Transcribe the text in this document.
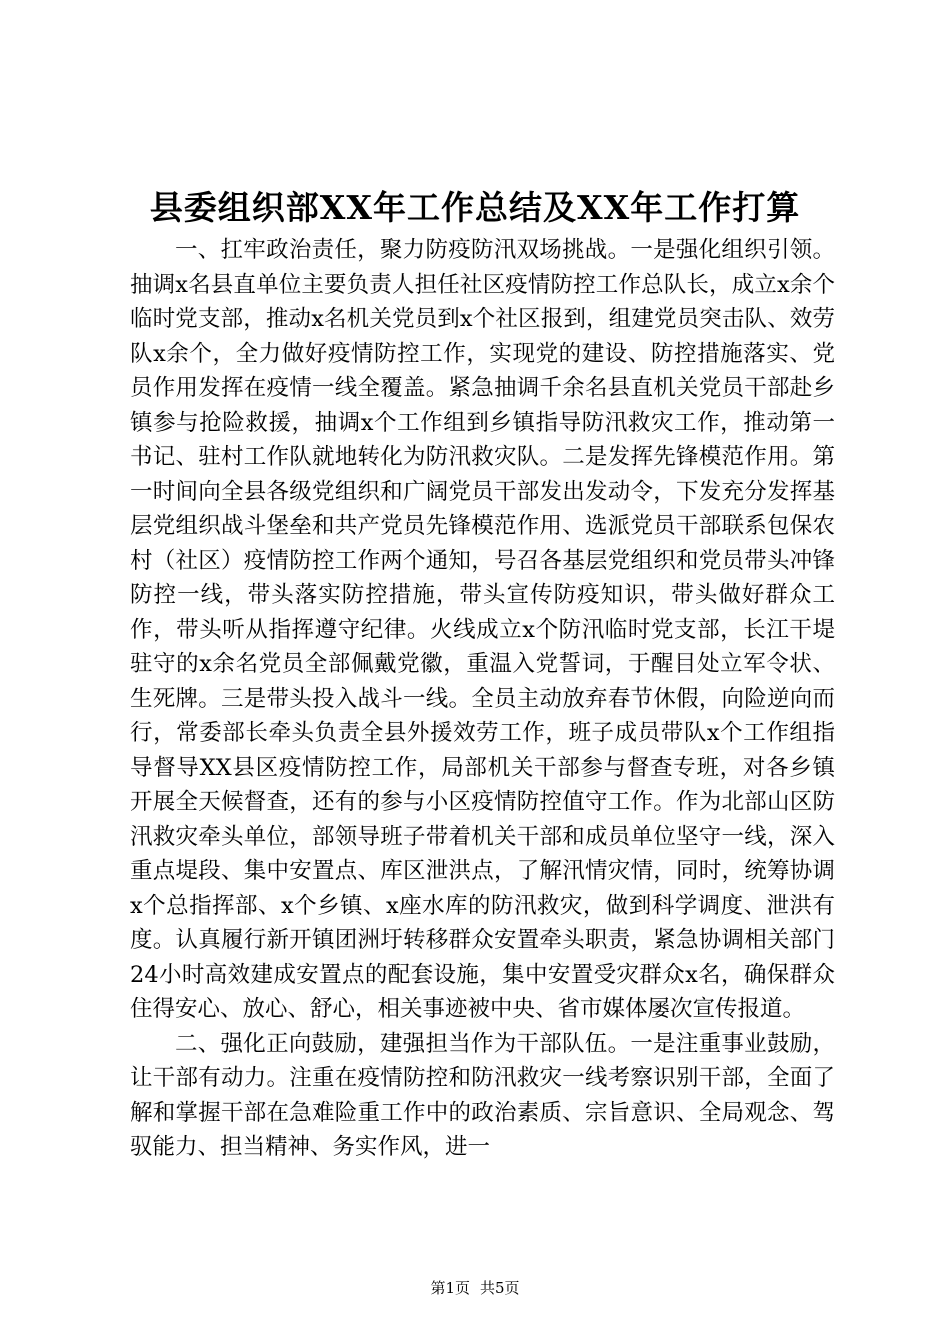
县委组织部XX年工作总结及XX年工作打算

一、扛牢政治责任，聚力防疫防汛双场挑战。一是强化组织引领。抽调x名县直单位主要负责人担任社区疫情防控工作总队长，成立x余个临时党支部，推动x名机关党员到x个社区报到，组建党员突击队、效劳队x余个，全力做好疫情防控工作，实现党的建设、防控措施落实、党员作用发挥在疫情一线全覆盖。紧急抽调千余名县直机关党员干部赴乡镇参与抢险救援，抽调x个工作组到乡镇指导防汛救灾工作，推动第一书记、驻村工作队就地转化为防汛救灾队。二是发挥先锋模范作用。第一时间向全县各级党组织和广阔党员干部发出发动令，下发充分发挥基层党组织战斗堡垒和共产党员先锋模范作用、选派党员干部联系包保农村（社区）疫情防控工作两个通知，号召各基层党组织和党员带头冲锋防控一线，带头落实防控措施，带头宣传防疫知识，带头做好群众工作，带头听从指挥遵守纪律。火线成立x个防汛临时党支部，长江干堤驻守的x余名党员全部佩戴党徽，重温入党誓词，于醒目处立军令状、生死牌。三是带头投入战斗一线。全员主动放弃春节休假，向险逆向而行，常委部长牵头负责全县外援效劳工作，班子成员带队x个工作组指导督导XX县区疫情防控工作，局部机关干部参与督查专班，对各乡镇开展全天候督查，还有的参与小区疫情防控值守工作。作为北部山区防汛救灾牵头单位，部领导班子带着机关干部和成员单位坚守一线，深入重点堤段、集中安置点、库区泄洪点，了解汛情灾情，同时，统筹协调x个总指挥部、x个乡镇、x座水库的防汛救灾，做到科学调度、泄洪有度。认真履行新开镇团洲圩转移群众安置牵头职责，紧急协调相关部门24小时高效建成安置点的配套设施，集中安置受灾群众x名，确保群众住得安心、放心、舒心，相关事迹被中央、省市媒体屡次宣传报道。

二、强化正向鼓励，建强担当作为干部队伍。一是注重事业鼓励，让干部有动力。注重在疫情防控和防汛救灾一线考察识别干部，全面了解和掌握干部在急难险重工作中的政治素质、宗旨意识、全局观念、驾驭能力、担当精神、务实作风，进一

第1页 共5页
